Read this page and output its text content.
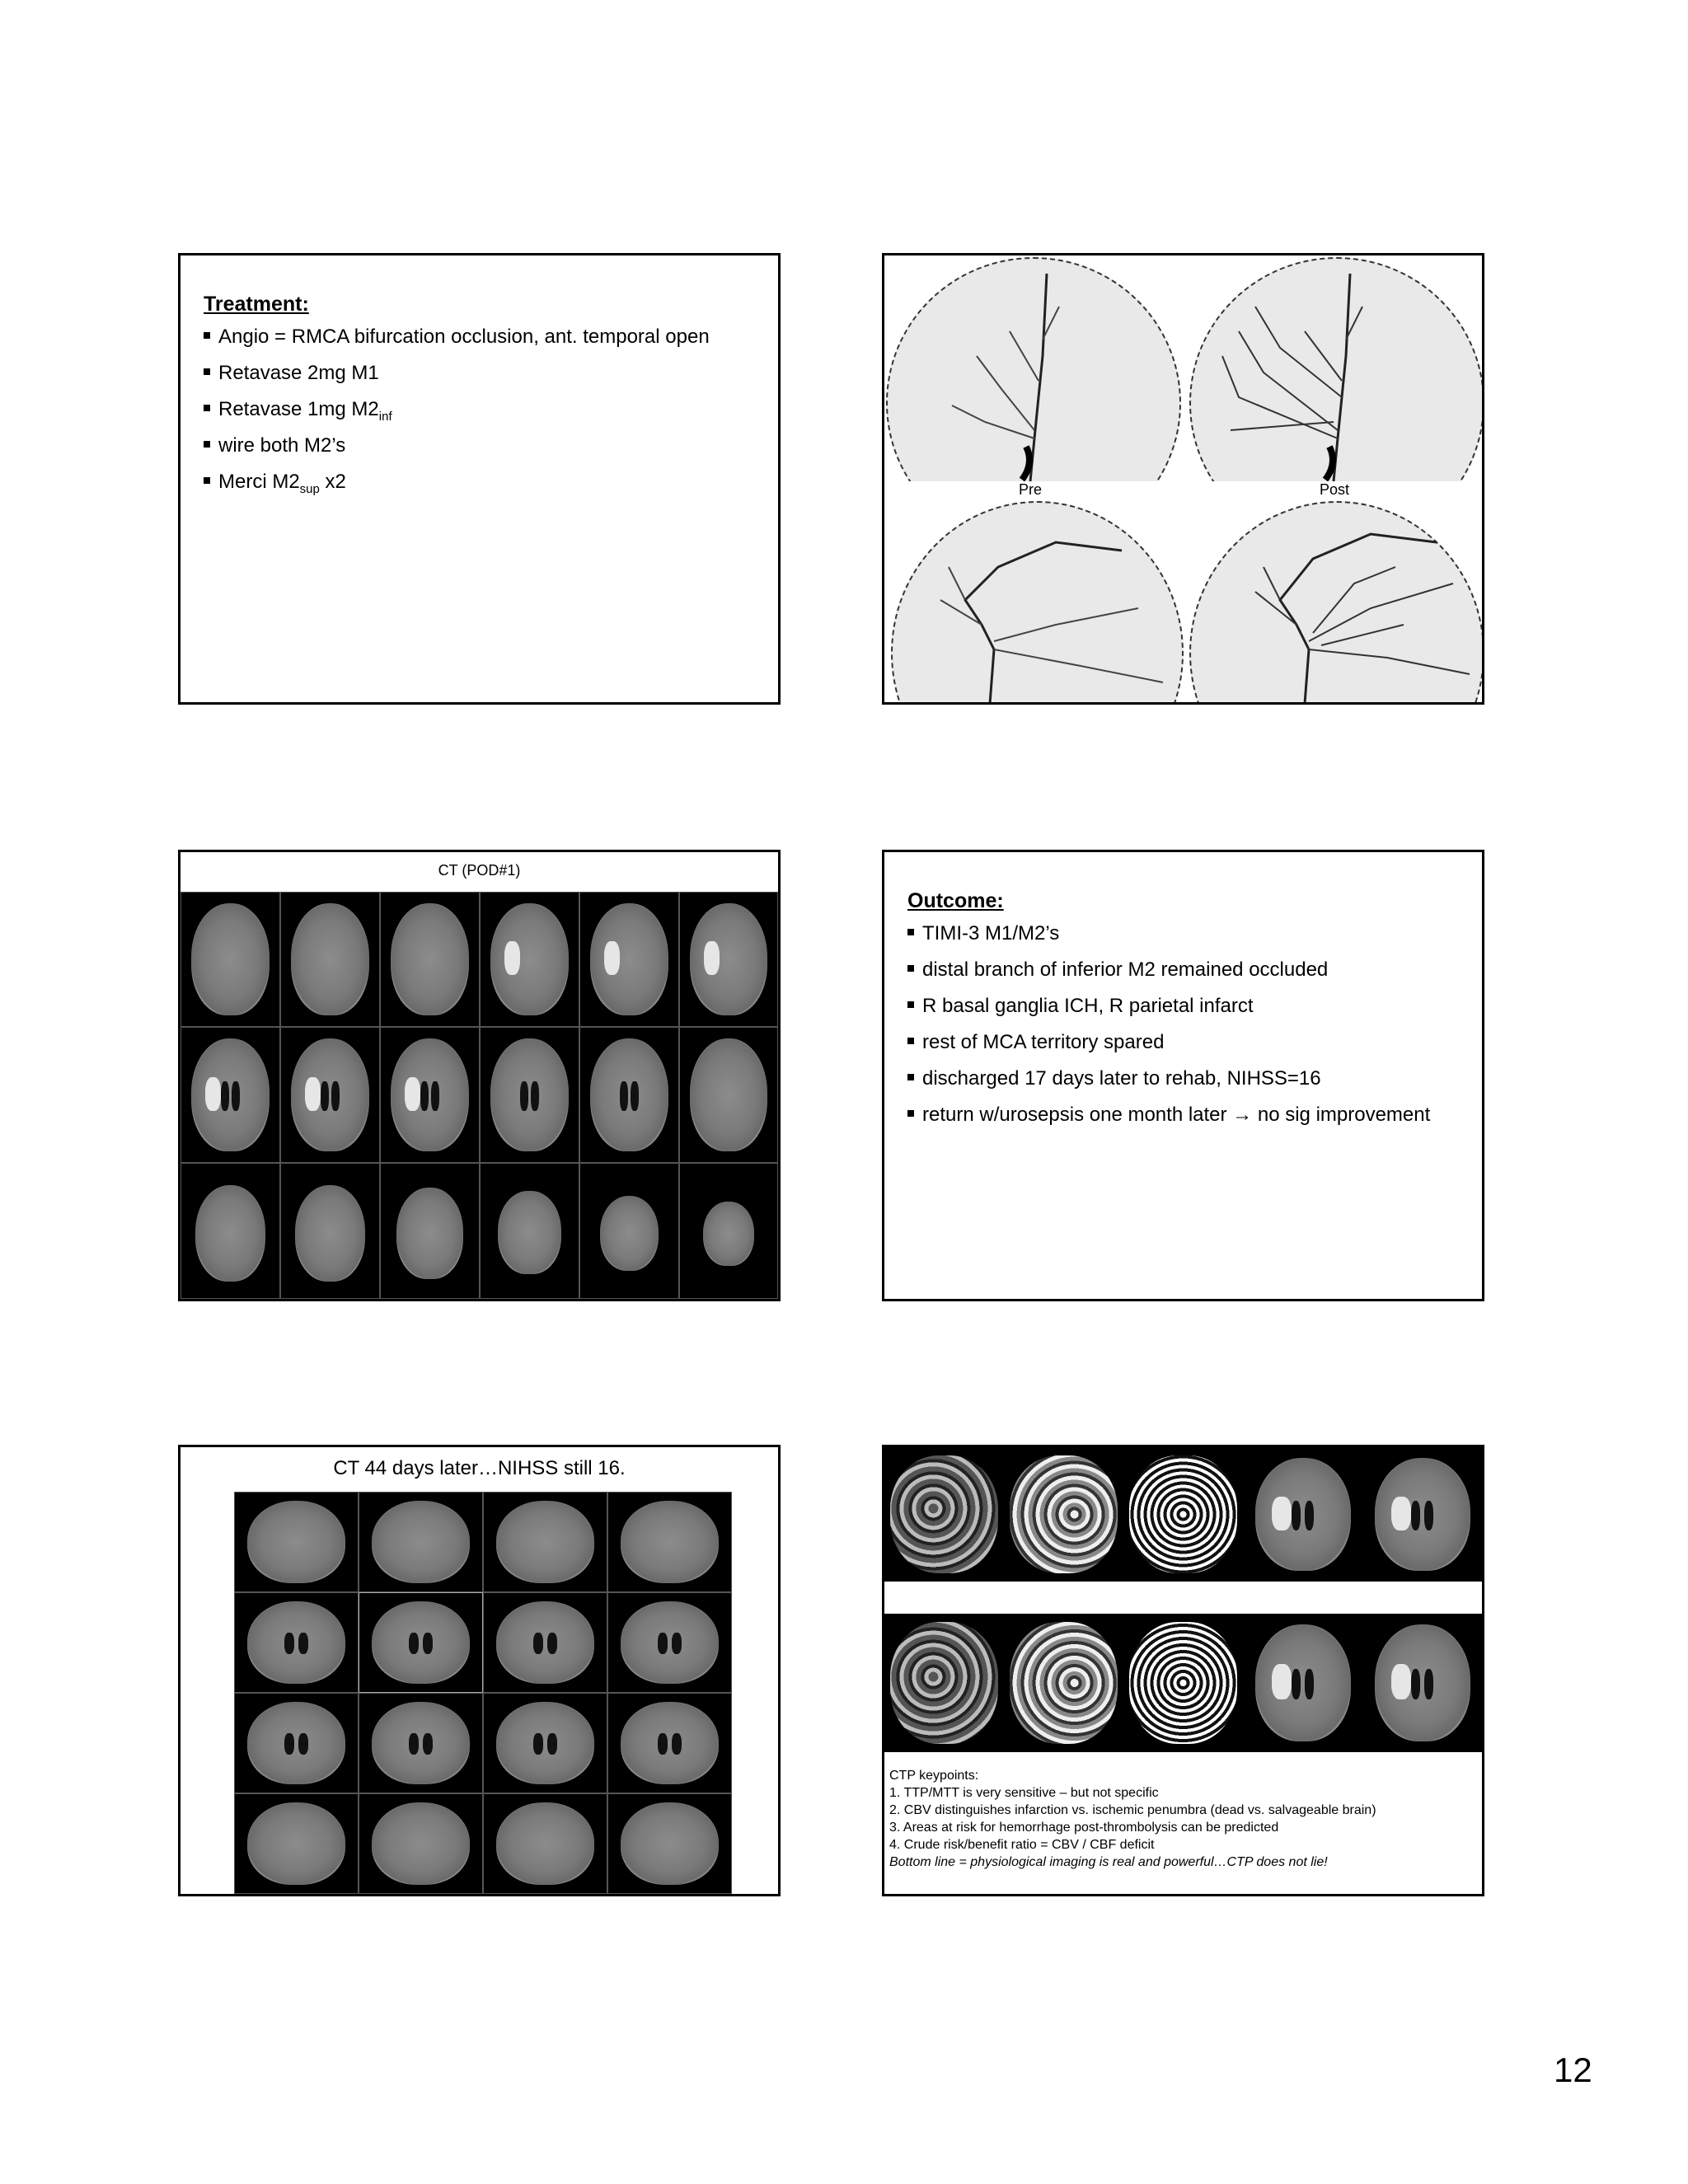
Treatment:
Angio = RMCA bifurcation occlusion, ant. temporal open
Retavase 2mg M1
Retavase 1mg $M2_{inf}$
wire both M2’s
Merci $M2_{sup}$ x2	Pre	Post
CT (POD#1)
Outcome:
TIMI-3 M1/M2’s
distal branch of inferior M2 remained occluded
R basal ganglia ICH, R parietal infarct
rest of MCA territory spared
discharged 17 days later to rehab, NIHSS=16
return w/urosepsis one month later → no sig improvement
CT 44 days later…NIHSS still 16.
CTP keypoints:
1. TTP/MTT is very sensitive – but not specific
2. CBV distinguishes infarction vs. ischemic penumbra (dead vs. salvageable brain)
3. Areas at risk for hemorrhage post-thrombolysis can be predicted
4. Crude risk/benefit ratio = CBV / CBF deficit
Bottom line = physiological imaging is real and powerful…CTP does not lie!
12
